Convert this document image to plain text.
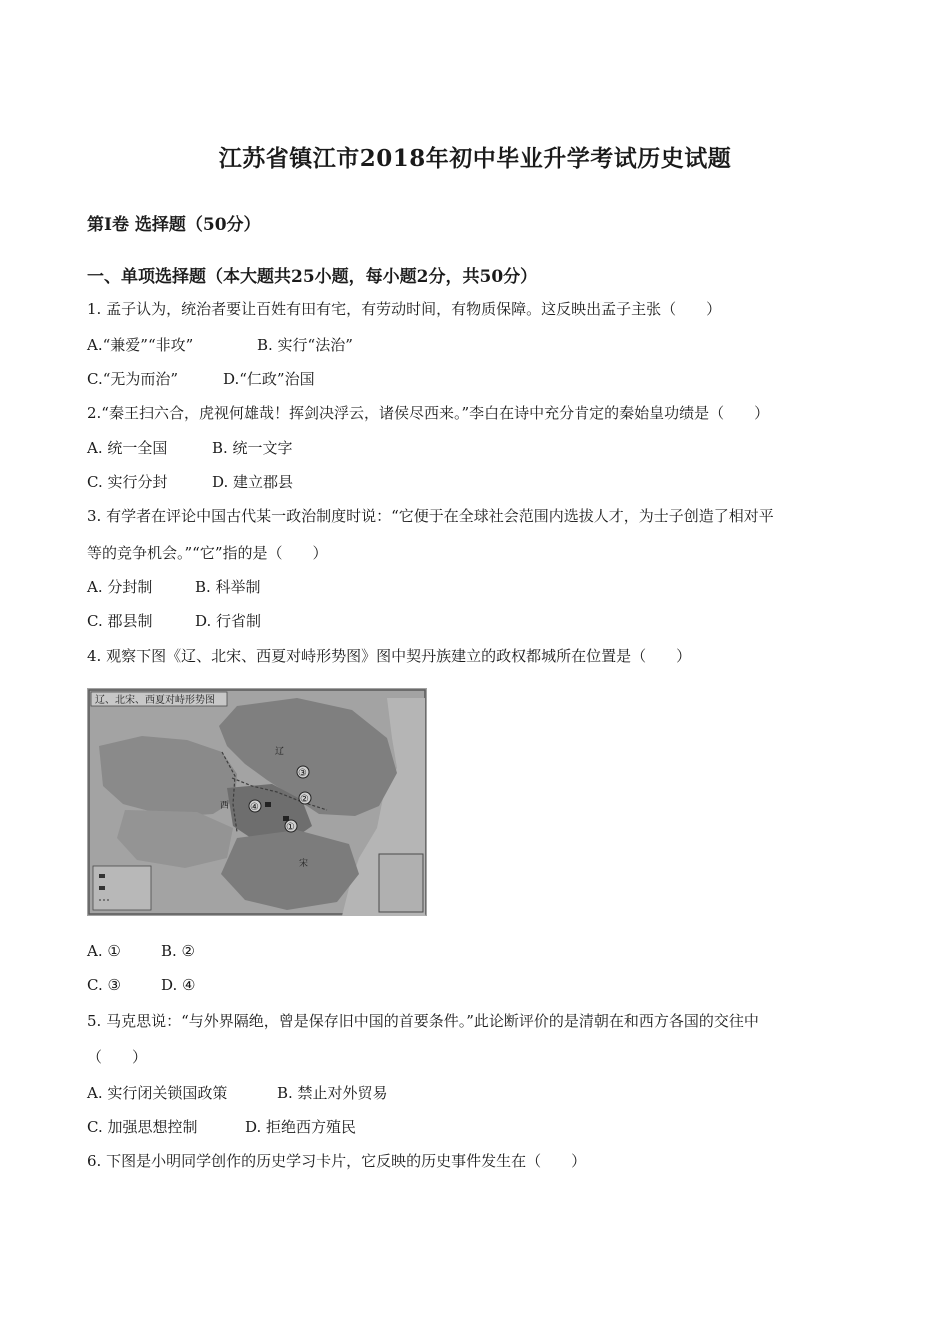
江苏省镇江市2018年初中毕业升学考试历史试题
第Ⅰ卷 选择题（50分）
一、单项选择题（本大题共25小题，每小题2分，共50分）
1. 孟子认为，统治者要让百姓有田有宅，有劳动时间，有物质保障。这反映出孟子主张（　　）
A.“兼爱”“非攻”	B. 实行“法治”
C.“无为而治”	D.“仁政”治国
2.“秦王扫六合，虎视何雄哉！挥剑决浮云，诸侯尽西来。”李白在诗中充分肯定的秦始皇功绩是（　　）
A. 统一全国	B. 统一文字
C. 实行分封	D. 建立郡县
3. 有学者在评论中国古代某一政治制度时说：“它便于在全球社会范围内选拔人才，为士子创造了相对平
等的竞争机会。”“它”指的是（　　）
A. 分封制	B. 科举制
C. 郡县制	D. 行省制
4. 观察下图《辽、北宋、西夏对峙形势图》图中契丹族建立的政权都城所在位置是（　　）
辽、北宋、西夏对峙形势图
辽
西
宋
①
②
③
④
A. ①	B. ②
C. ③	D. ④
5. 马克思说：“与外界隔绝，曾是保存旧中国的首要条件。”此论断评价的是清朝在和西方各国的交往中
（　　）
A. 实行闭关锁国政策	B. 禁止对外贸易
C. 加强思想控制	D. 拒绝西方殖民
6. 下图是小明同学创作的历史学习卡片，它反映的历史事件发生在（　　）
